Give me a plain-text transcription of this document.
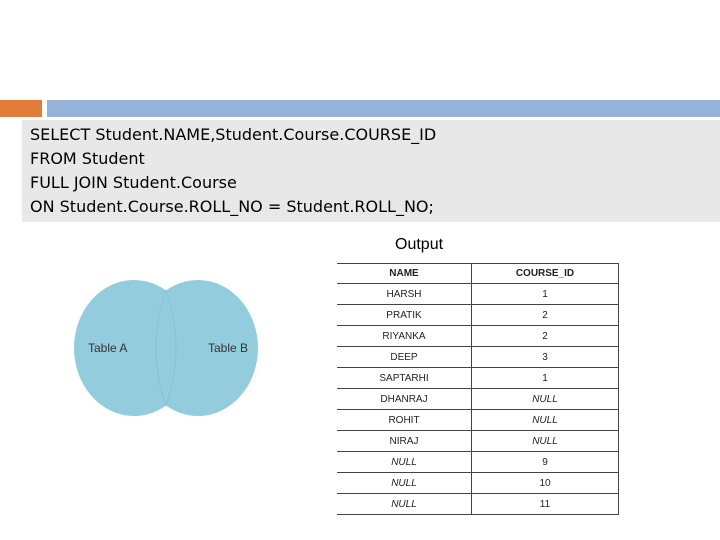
SELECT Student.NAME,Student.Course.COURSE_ID
FROM Student
FULL JOIN Student.Course
ON Student.Course.ROLL_NO = Student.ROLL_NO;
Output
Table A	Table B
NAME	COURSE_ID
HARSH	1
PRATIK	2
RIYANKA	2
DEEP	3
SAPTARHI	1
DHANRAJ	NULL
ROHIT	NULL
NIRAJ	NULL
NULL	9
NULL	10
NULL	11
